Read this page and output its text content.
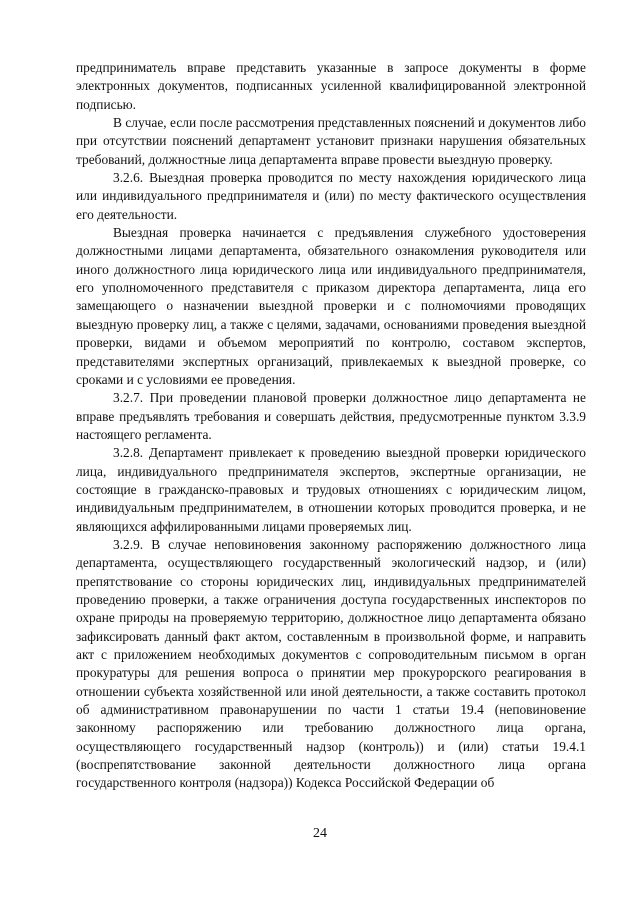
предприниматель вправе представить указанные в запросе документы в форме электронных документов, подписанных усиленной квалифицированной электронной подписью.

В случае, если после рассмотрения представленных пояснений и документов либо при отсутствии пояснений департамент установит признаки нарушения обязательных требований, должностные лица департамента вправе провести выездную проверку.

3.2.6. Выездная проверка проводится по месту нахождения юридического лица или индивидуального предпринимателя и (или) по месту фактического осуществления его деятельности.

Выездная проверка начинается с предъявления служебного удостоверения должностными лицами департамента, обязательного ознакомления руководителя или иного должностного лица юридического лица или индивидуального предпринимателя, его уполномоченного представителя с приказом директора департамента, лица его замещающего о назначении выездной проверки и с полномочиями проводящих выездную проверку лиц, а также с целями, задачами, основаниями проведения выездной проверки, видами и объемом мероприятий по контролю, составом экспертов, представителями экспертных организаций, привлекаемых к выездной проверке, со сроками и с условиями ее проведения.

3.2.7. При проведении плановой проверки должностное лицо департамента не вправе предъявлять требования и совершать действия, предусмотренные пунктом 3.3.9 настоящего регламента.

3.2.8. Департамент привлекает к проведению выездной проверки юридического лица, индивидуального предпринимателя экспертов, экспертные организации, не состоящие в гражданско-правовых и трудовых отношениях с юридическим лицом, индивидуальным предпринимателем, в отношении которых проводится проверка, и не являющихся аффилированными лицами проверяемых лиц.

3.2.9. В случае неповиновения законному распоряжению должностного лица департамента, осуществляющего государственный экологический надзор, и (или) препятствование со стороны юридических лиц, индивидуальных предпринимателей проведению проверки, а также ограничения доступа государственных инспекторов по охране природы на проверяемую территорию, должностное лицо департамента обязано зафиксировать данный факт актом, составленным в произвольной форме, и направить акт с приложением необходимых документов с сопроводительным письмом в орган прокуратуры для решения вопроса о принятии мер прокурорского реагирования в отношении субъекта хозяйственной или иной деятельности, а также составить протокол об административном правонарушении по части 1 статьи 19.4 (неповиновение законному распоряжению или требованию должностного лица органа, осуществляющего государственный надзор (контроль)) и (или) статьи 19.4.1 (воспрепятствование законной деятельности должностного лица органа государственного контроля (надзора)) Кодекса Российской Федерации об

24
